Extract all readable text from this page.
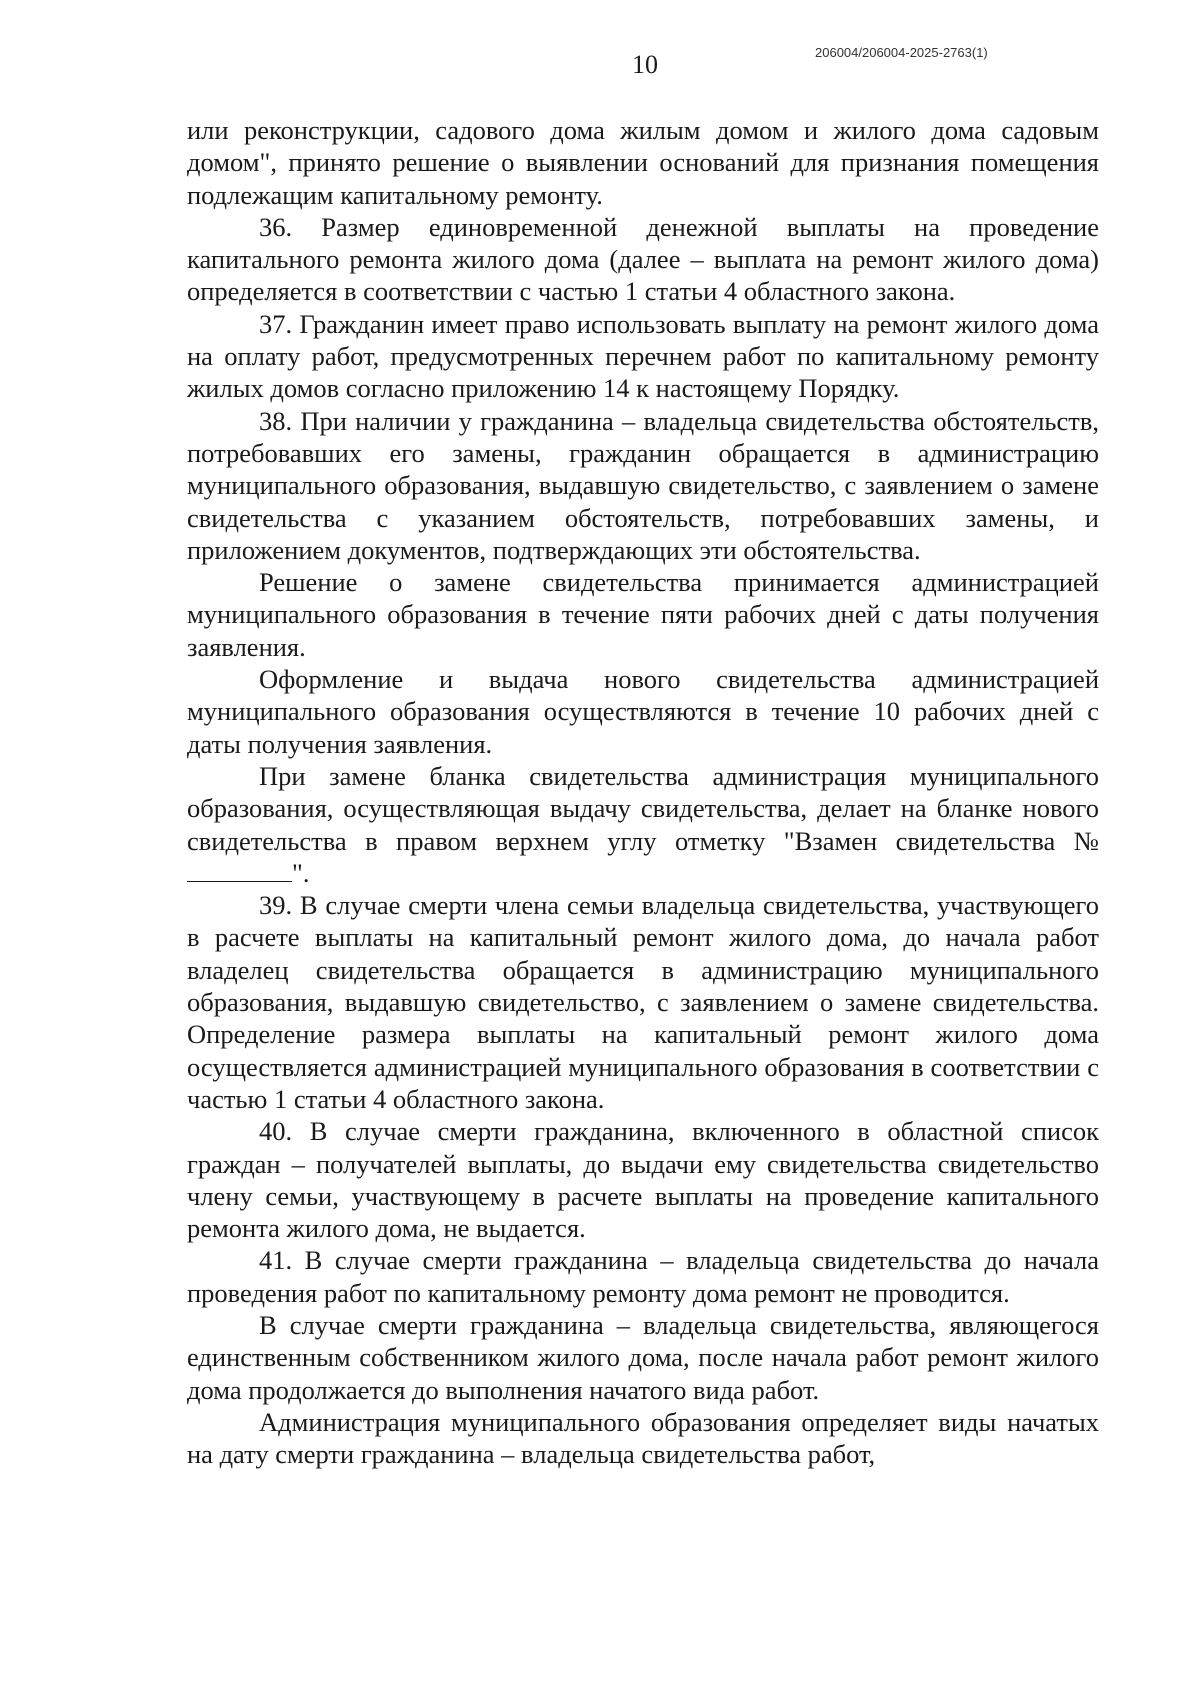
10	206004/206004-2025-2763(1)

или реконструкции, садового дома жилым домом и жилого дома садовым домом", принято решение о выявлении оснований для признания помещения подлежащим капитальному ремонту.

36. Размер единовременной денежной выплаты на проведение капитального ремонта жилого дома (далее – выплата на ремонт жилого дома) определяется в соответствии с частью 1 статьи 4 областного закона.

37. Гражданин имеет право использовать выплату на ремонт жилого дома на оплату работ, предусмотренных перечнем работ по капитальному ремонту жилых домов согласно приложению 14 к настоящему Порядку.

38. При наличии у гражданина – владельца свидетельства обстоятельств, потребовавших его замены, гражданин обращается в администрацию муниципального образования, выдавшую свидетельство, с заявлением о замене свидетельства с указанием обстоятельств, потребовавших замены, и приложением документов, подтверждающих эти обстоятельства.

Решение о замене свидетельства принимается администрацией муниципального образования в течение пяти рабочих дней с даты получения заявления.

Оформление и выдача нового свидетельства администрацией муниципального образования осуществляются в течение 10 рабочих дней с даты получения заявления.

При замене бланка свидетельства администрация муниципального образования, осуществляющая выдачу свидетельства, делает на бланке нового свидетельства в правом верхнем углу отметку "Взамен свидетельства № ".

39. В случае смерти члена семьи владельца свидетельства, участвующего в расчете выплаты на капитальный ремонт жилого дома, до начала работ владелец свидетельства обращается в администрацию муниципального образования, выдавшую свидетельство, с заявлением о замене свидетельства. Определение размера выплаты на капитальный ремонт жилого дома осуществляется администрацией муниципального образования в соответствии с частью 1 статьи 4 областного закона.

40. В случае смерти гражданина, включенного в областной список граждан – получателей выплаты, до выдачи ему свидетельства свидетельство члену семьи, участвующему в расчете выплаты на проведение капитального ремонта жилого дома, не выдается.

41. В случае смерти гражданина – владельца свидетельства до начала проведения работ по капитальному ремонту дома ремонт не проводится.

В случае смерти гражданина – владельца свидетельства, являющегося единственным собственником жилого дома, после начала работ ремонт жилого дома продолжается до выполнения начатого вида работ.

Администрация муниципального образования определяет виды начатых на дату смерти гражданина – владельца свидетельства работ,
